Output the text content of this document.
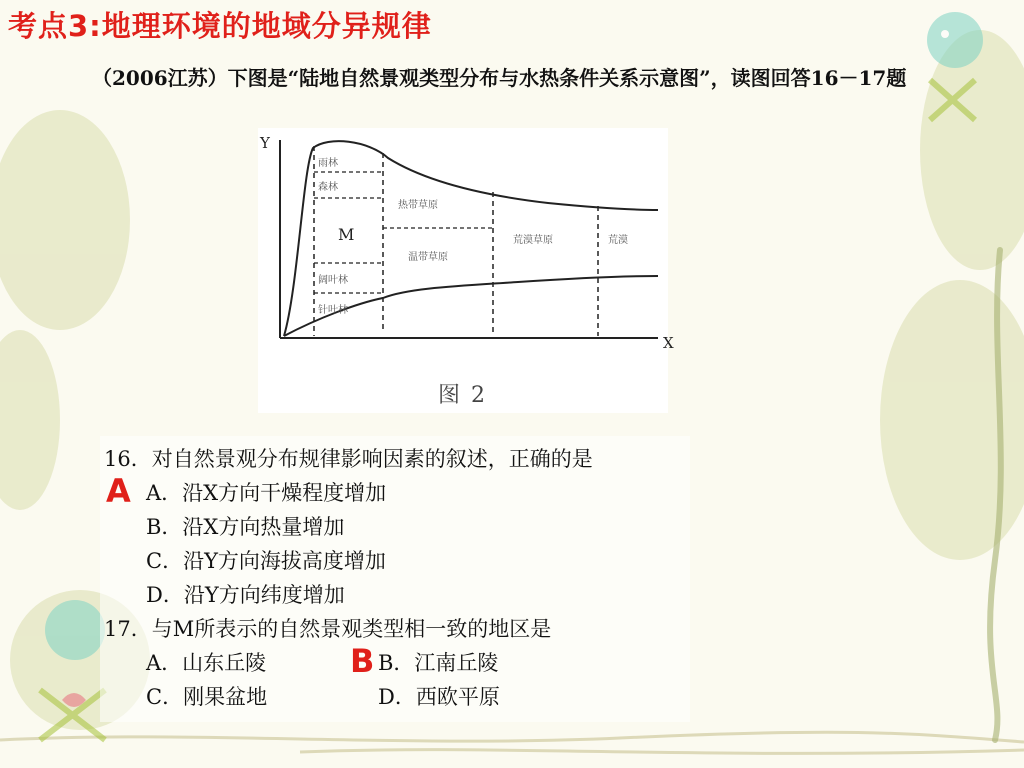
考点3:地理环境的地域分异规律

（2006江苏）下图是“陆地自然景观类型分布与水热条件关系示意图”，读图回答16－17题

X
Y
M
雨林
森林
阔叶林
针叶林
热带草原
温带草原
荒漠草原	荒漠

图 2

16．对自然景观分布规律影响因素的叙述，正确的是

A A．沿X方向干燥程度增加

B．沿X方向热量增加

C．沿Y方向海拔高度增加

D．沿Y方向纬度增加

17．与M所表示的自然景观类型相一致的地区是

A．山东丘陵	B B．江南丘陵

C．刚果盆地	D．西欧平原
